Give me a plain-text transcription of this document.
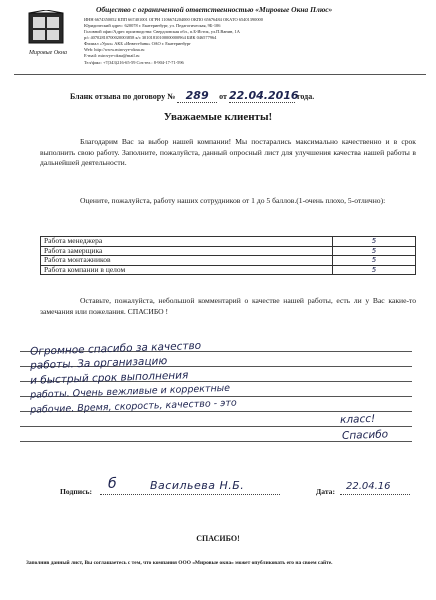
Мировые Окна
Общество с ограниченной ответственностью «Мировые Окна Плюс»
ИНН 6674350052 КПП 667401001 ОГРН 1106674204000 ОКПО 65676484 ОКАТО 65401390000
Юридический адрес: 620078 г. Екатеринбург, ул. Педагогическая, 9Б-106
Головной офис/Адрес производства: Свердловская обл., п.Б-Исток, ул.П.Ванин, 1А
р/с 40702810700020003858 к/с 30101810100000000964 БИК 046577964
Филиал «Урал» АКБ «Инвестбанк» ОАО г. Екатеринбург
Web: http://www.mirovye-okna.ru
E-mail: mirovye-okna@mail.ru
Тел/факс: +7(343)216-65-59 Сот.тел.: 8-904-17-71-596
Бланк отзыва по договору № 289 от 22.04.2016 года.
Уважаемые клиенты!
Благодарим Вас за выбор нашей компании! Мы постарались максимально качественно и в срок выполнить свою работу. Заполните, пожалуйста, данный опросный лист для улучшения качества нашей работы в дальнейшей деятельности.
Оцените, пожалуйста, работу наших сотрудников от 1 до 5 баллов.(1-очень плохо, 5-отлично):
Работа менеджера	5
Работа замерщика	5
Работа монтажников	5
Работа компании в целом	5
Оставьте, пожалуйста, небольшой комментарий о качестве нашей работы, есть ли у Вас какие-то замечания или пожелания. СПАСИБО !
Огромное спасибо за качество
работы. За организацию
и быстрый срок выполнения
работы. Очень вежливые и корректные
рабочие. Время, скорость, качество - это
класс!
Спасибо
Подпись: б	Васильева Н.Б.	Дата: 22.04.16
СПАСИБО!
Заполнив данный лист, Вы соглашаетесь с тем, что компания ООО «Мировые окна» может опубликовать его на своем сайте.
